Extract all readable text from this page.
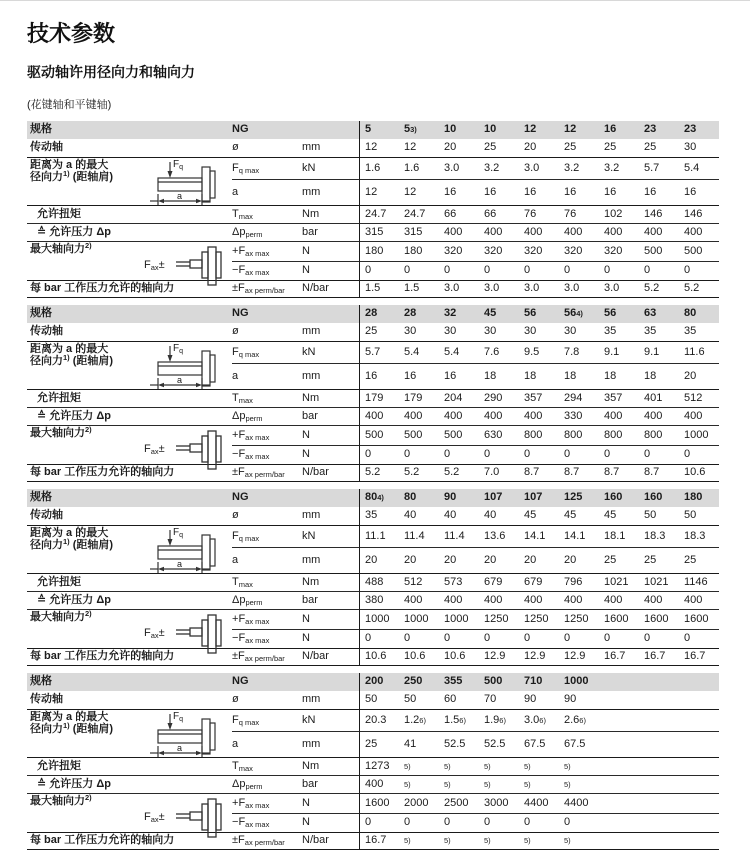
技术参数
驱动轴许用径向力和轴向力

(花键轴和平键轴)

规格	NG	5	5 3)	10	10	12	12	16	23	23
传动轴	ø	mm	12	12	20	25	20	25	25	25	30
距离为 a 的最大
径向力$^{1)}$ (距轴肩)
$F_q$
a
$F_{q max}$	kN	1.6	1.6	3.0	3.2	3.0	3.2	3.2	5.7	5.4
a	mm	12	12	16	16	16	16	16	16	16
允许扭矩	$T_{max}$	Nm	24.7	24.7	66	66	76	76	102	146	146
≙ 允许压力 Δp	$\Delta p_{perm}$	bar	315	315	400	400	400	400	400	400	400
最大轴向力$^{2)}$
Fax±
$+F_{ax max}$	N	180	180	320	320	320	320	320	500	500
$-F_{ax max}$	N	0	0	0	0	0	0	0	0	0
每 bar 工作压力允许的轴向力	$\pm F_{ax perm/bar}$ N/bar	1.5	1.5	3.0	3.0	3.0	3.0	3.0	5.2	5.2
规格	NG	28	28	32	45	56	56 4)	56	63	80
传动轴	ø	mm	25	30	30	30	30	30	35	35	35
距离为 a 的最大
径向力$^{1)}$ (距轴肩)
$F_q$
a
$F_{q max}$	kN	5.7	5.4	5.4	7.6	9.5	7.8	9.1	9.1	11.6
a	mm	16	16	16	18	18	18	18	18	20
允许扭矩	$T_{max}$	Nm	179	179	204	290	357	294	357	401	512
≙ 允许压力 Δp	$\Delta p_{perm}$	bar	400	400	400	400	400	330	400	400	400
最大轴向力$^{2)}$
Fax±
$+F_{ax max}$	N	500	500	500	630	800	800	800	800	1000
$-F_{ax max}$	N	0	0	0	0	0	0	0	0	0
每 bar 工作压力允许的轴向力	$\pm F_{ax perm/bar}$ N/bar	5.2	5.2	5.2	7.0	8.7	8.7	8.7	8.7	10.6
规格	NG	80 4)	80	90	107	107	125	160	160	180
传动轴	ø	mm	35	40	40	40	45	45	45	50	50
距离为 a 的最大
径向力$^{1)}$ (距轴肩)
$F_q$
a
$F_{q max}$	kN	11.1	11.4	11.4	13.6	14.1	14.1	18.1	18.3	18.3
a	mm	20	20	20	20	20	20	25	25	25
允许扭矩	$T_{max}$	Nm	488	512	573	679	679	796	1021	1021	1146
≙ 允许压力 Δp	$\Delta p_{perm}$	bar	380	400	400	400	400	400	400	400	400
最大轴向力$^{2)}$
Fax±
$+F_{ax max}$	N	1000	1000	1000	1250	1250	1250	1600	1600	1600
$-F_{ax max}$	N	0	0	0	0	0	0	0	0	0
每 bar 工作压力允许的轴向力	$\pm F_{ax perm/bar}$ N/bar	10.6	10.6	10.6	12.9	12.9	12.9	16.7	16.7	16.7
规格	NG	200	250	355	500	710	1000
传动轴	ø	mm	50	50	60	70	90	90
距离为 a 的最大
径向力$^{1)}$ (距轴肩)
$F_q$
a
$F_{q max}$	kN	20.3	1.2 6)	1.5 6)	1.9 6)	3.0 6)	2.6 6)
a	mm	25	41	52.5	52.5	67.5	67.5
允许扭矩	$T_{max}$	Nm	1273	5)	5)	5)	5)	5)
≙ 允许压力 Δp	$\Delta p_{perm}$	bar	400	5)	5)	5)	5)	5)
最大轴向力$^{2)}$
Fax±
$+F_{ax max}$	N	1600	2000	2500	3000	4400	4400
$-F_{ax max}$	N	0	0	0	0	0	0
每 bar 工作压力允许的轴向力	$\pm F_{ax perm/bar}$ N/bar	16.7	5)	5)	5)	5)	5)
